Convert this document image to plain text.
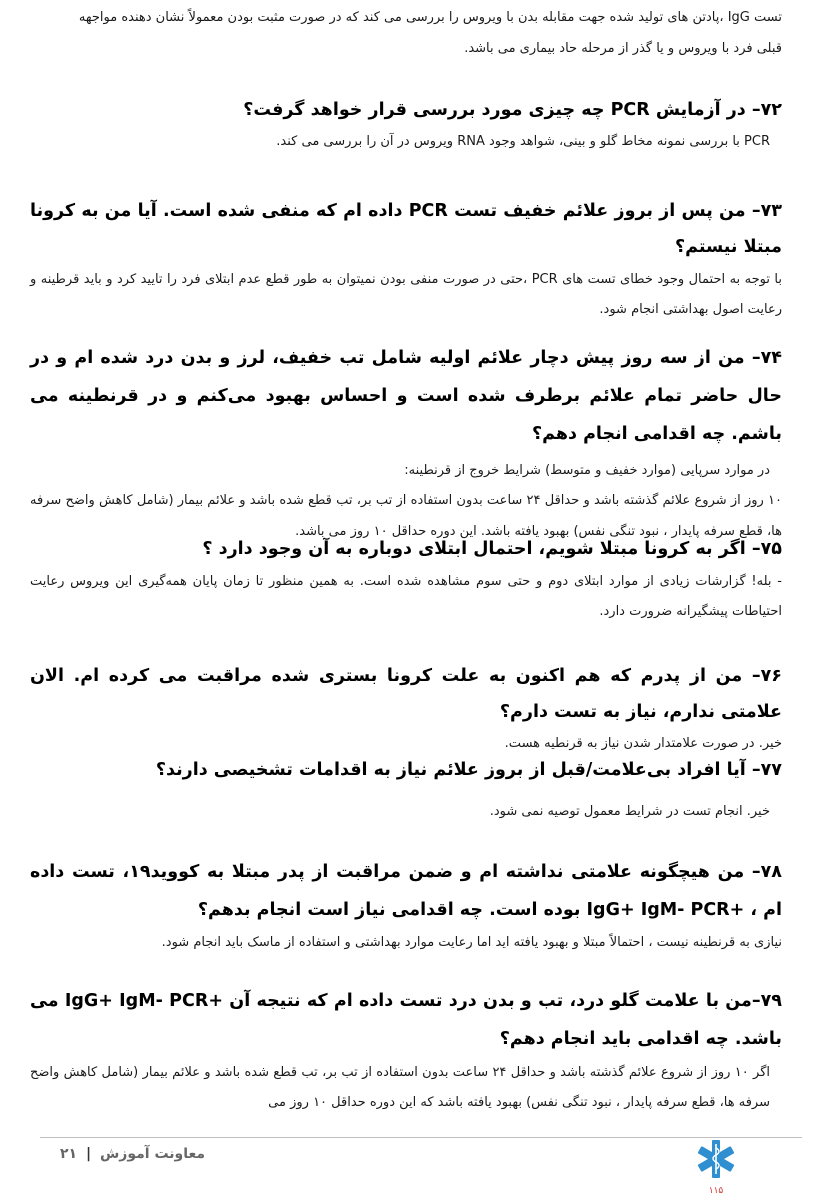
تست IgG ،پادتن های تولید شده جهت مقابله بدن با ویروس را بررسی می کند که در صورت مثبت بودن معمولاً نشان دهنده مواجهه

قبلی فرد با ویروس و یا گذر از مرحله حاد بیماری می باشد.

۷۲– در آزمایش PCR چه چیزی مورد بررسی قرار خواهد گرفت؟

PCR با بررسی نمونه مخاط گلو و بینی، شواهد وجود RNA ویروس در آن را بررسی می کند.

۷۳– من پس از بروز علائم خفیف تست PCR داده ام که منفی شده است. آیا من به کرونا مبتلا نیستم؟

با توجه به احتمال وجود خطای تست های PCR ،حتی در صورت منفی بودن نمیتوان به طور قطع عدم ابتلای فرد را تایید کرد و باید قرطینه و رعایت اصول بهداشتی انجام شود.

۷۴– من از سه روز پیش دچار علائم اولیه شامل تب خفیف، لرز و بدن درد شده ام و در حال حاضر تمام علائم برطرف شده است و احساس بهبود می‌کنم و در قرنطینه می باشم. چه اقدامی انجام دهم؟

در موارد سرپایی (موارد خفیف و متوسط) شرایط خروج از قرنطینه:

۱۰ روز از شروع علائم گذشته باشد و حداقل ۲۴ ساعت بدون استفاده از تب بر، تب قطع شده باشد و علائم بیمار (شامل کاهش واضح سرفه ها، قطع سرفه پایدار ، نبود تنگی نفس) بهبود یافته باشد. این دوره حداقل ۱۰ روز می باشد.

۷۵– اگر به کرونا مبتلا شویم، احتمال ابتلای دوباره به آن وجود دارد ؟

- بله! گزارشات زیادی از موارد ابتلای دوم و حتی سوم مشاهده شده است. به همین منظور تا زمان پایان همه‌گیری این ویروس رعایت احتیاطات پیشگیرانه ضرورت دارد.

۷۶– من از پدرم که هم اکنون به علت کرونا بستری شده مراقبت می کرده ام. الان علامتی ندارم، نیاز به تست دارم؟

خیر. در صورت علامتدار شدن نیاز به قرنطیه هست.

۷۷– آیا افراد بی‌علامت/قبل از بروز علائم نیاز به اقدامات تشخیصی دارند؟

خیر. انجام تست در شرایط معمول توصیه نمی شود.

۷۸– من هیچگونه علامتی نداشته ام و ضمن مراقبت از پدر مبتلا به کووید۱۹، تست داده ام ، +IgG+ IgM- PCR بوده است. چه اقدامی نیاز است انجام بدهم؟

نیازی به قرنطینه نیست ، احتمالاً مبتلا و بهبود یافته اید اما رعایت موارد بهداشتی و استفاده از ماسک باید انجام شود.

۷۹–من با علامت گلو درد، تب و بدن درد تست داده ام که نتیجه آن +IgG+ IgM- PCR می باشد. چه اقدامی باید انجام دهم؟

اگر ۱۰ روز از شروع علائم گذشته باشد و حداقل ۲۴ ساعت بدون استفاده از تب بر، تب قطع شده باشد و علائم بیمار (شامل کاهش واضح سرفه ها، قطع سرفه پایدار ، نبود تنگی نفس) بهبود یافته باشد که این دوره حداقل ۱۰ روز می

معاونت آموزش | ۲۱
۱۱۵
